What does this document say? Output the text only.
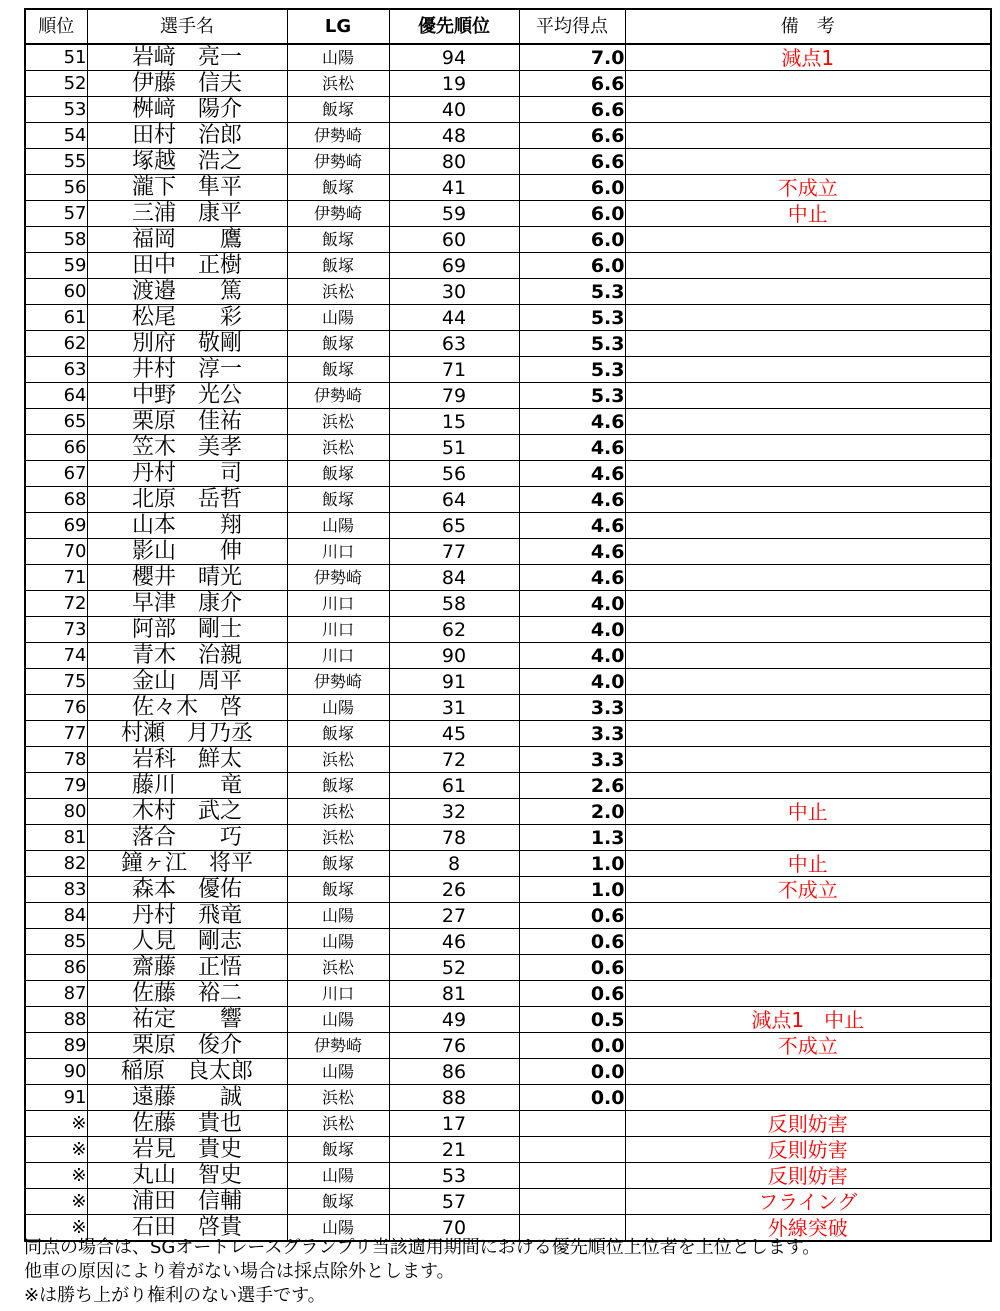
順位	選手名	LG	優先順位	平均得点	備　考
51	岩﨑　亮一	山陽	94	7.0	減点1
52	伊藤　信夫	浜松	19	6.6	
53	桝﨑　陽介	飯塚	40	6.6	
54	田村　治郎	伊勢崎	48	6.6	
55	塚越　浩之	伊勢崎	80	6.6	
56	瀧下　隼平	飯塚	41	6.0	不成立
57	三浦　康平	伊勢崎	59	6.0	中止
58	福岡　　鷹	飯塚	60	6.0	
59	田中　正樹	飯塚	69	6.0	
60	渡邉　　篤	浜松	30	5.3	
61	松尾　　彩	山陽	44	5.3	
62	別府　敬剛	飯塚	63	5.3	
63	井村　淳一	飯塚	71	5.3	
64	中野　光公	伊勢崎	79	5.3	
65	栗原　佳祐	浜松	15	4.6	
66	笠木　美孝	浜松	51	4.6	
67	丹村　　司	飯塚	56	4.6	
68	北原　岳哲	飯塚	64	4.6	
69	山本　　翔	山陽	65	4.6	
70	影山　　伸	川口	77	4.6	
71	櫻井　晴光	伊勢崎	84	4.6	
72	早津　康介	川口	58	4.0	
73	阿部　剛士	川口	62	4.0	
74	青木　治親	川口	90	4.0	
75	金山　周平	伊勢崎	91	4.0	
76	佐々木　啓	山陽	31	3.3	
77	村瀬　月乃丞	飯塚	45	3.3	
78	岩科　鮮太	浜松	72	3.3	
79	藤川　　竜	飯塚	61	2.6	
80	木村　武之	浜松	32	2.0	中止
81	落合　　巧	浜松	78	1.3	
82	鐘ヶ江　将平	飯塚	8	1.0	中止
83	森本　優佑	飯塚	26	1.0	不成立
84	丹村　飛竜	山陽	27	0.6	
85	人見　剛志	山陽	46	0.6	
86	齋藤　正悟	浜松	52	0.6	
87	佐藤　裕二	川口	81	0.6	
88	祐定　　響	山陽	49	0.5	減点1　中止
89	栗原　俊介	伊勢崎	76	0.0	不成立
90	稲原　良太郎	山陽	86	0.0	
91	遠藤　　誠	浜松	88	0.0	
※	佐藤　貴也	浜松	17		反則妨害
※	岩見　貴史	飯塚	21		反則妨害
※	丸山　智史	山陽	53		反則妨害
※	浦田　信輔	飯塚	57		フライング
※	石田　啓貴	山陽	70		外線突破

同点の場合は、SGオートレースグランプリ当該適用期間における優先順位上位者を上位とします。

他車の原因により着がない場合は採点除外とします。

※は勝ち上がり権利のない選手です。
